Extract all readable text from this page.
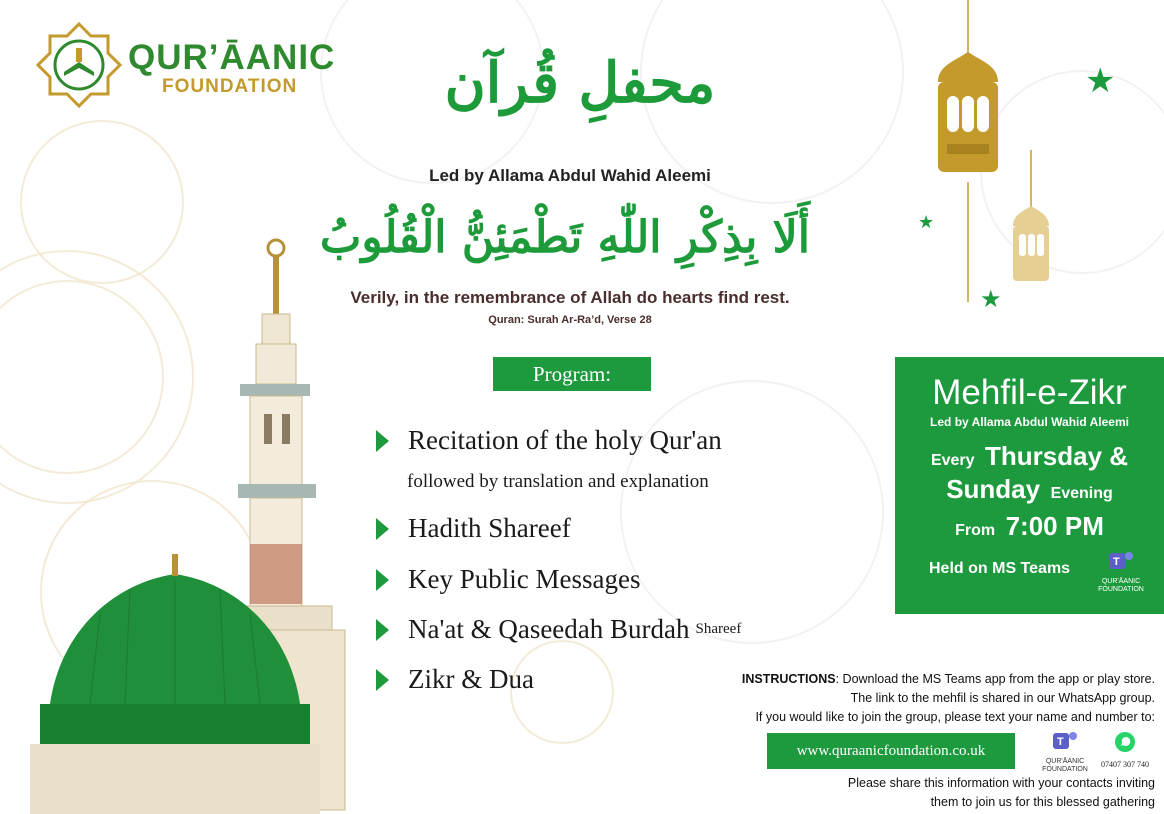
QUR’ĀANIC
FOUNDATION	محفلِ قُرآن
Led by Allama Abdul Wahid Aleemi
أَلَا بِذِكْرِ اللّٰهِ تَطْمَئِنُّ الْقُلُوبُ
Verily, in the remembrance of Allah do hearts find rest.
Quran: Surah Ar-Ra’d, Verse 28
★
★
★
Program:
Recitation of the holy Qur'an
followed by translation and explanation
Hadith Shareef
Key Public Messages
Na'at & Qaseedah Burdah Shareef
Zikr & Dua
Mehfil-e-Zikr
Led by Allama Abdul Wahid Aleemi
Every Thursday &
Sunday Evening
From 7:00 PM
Held on MS Teams	T
QUR'ĀANIC
FOUNDATION
INSTRUCTIONS: Download the MS Teams app from the app or play store.
The link to the mehfil is shared in our WhatsApp group.
If you would like to join the group, please text your name and number to:
www.quraanicfoundation.co.uk
T
QUR'ĀANIC
FOUNDATION
07407 307 740
Please share this information with your contacts inviting
them to join us for this blessed gathering
